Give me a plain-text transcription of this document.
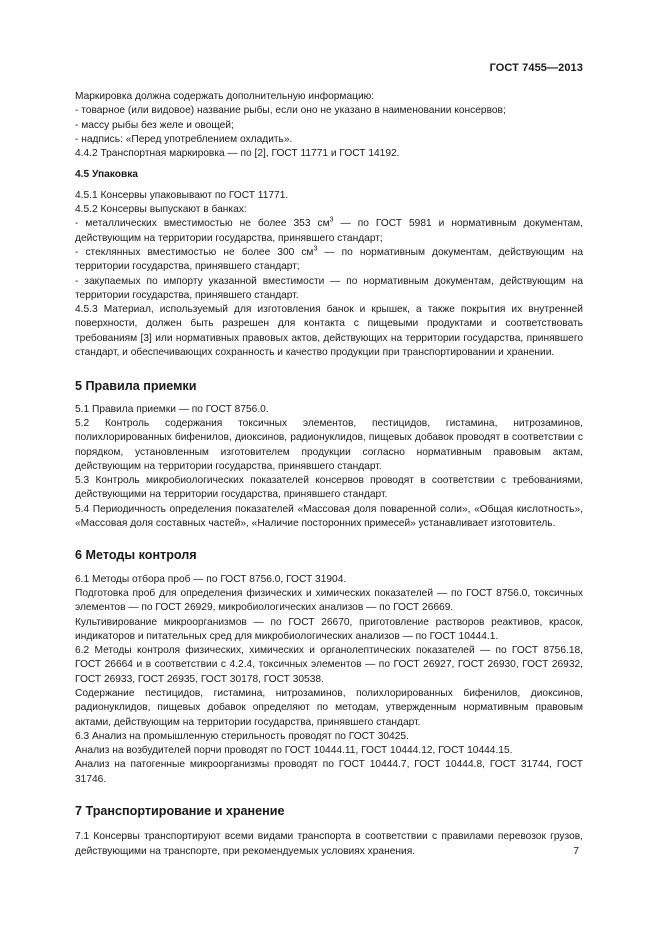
ГОСТ 7455—2013

Маркировка должна содержать дополнительную информацию:

- товарное (или видовое) название рыбы, если оно не указано в наименовании консервов;

- массу рыбы без желе и овощей;

- надпись: «Перед употреблением охладить».

4.4.2 Транспортная маркировка — по [2], ГОСТ 11771 и ГОСТ 14192.

4.5 Упаковка

4.5.1 Консервы упаковывают по ГОСТ 11771.

4.5.2 Консервы выпускают в банках:

- металлических вместимостью не более 353 $см^3$ — по ГОСТ 5981 и нормативным документам, действующим на территории государства, принявшего стандарт;

- стеклянных вместимостью не более 300 $см^3$ — по нормативным документам, действующим на территории государства, принявшего стандарт;

- закупаемых по импорту указанной вместимости — по нормативным документам, действующим на территории государства, принявшего стандарт.

4.5.3 Материал, используемый для изготовления банок и крышек, а также покрытия их внутренней поверхности, должен быть разрешен для контакта с пищевыми продуктами и соответствовать требованиям [3] или нормативных правовых актов, действующих на территории государства, принявшего стандарт, и обеспечивающих сохранность и качество продукции при транспортировании и хранении.

5 Правила приемки

5.1 Правила приемки — по ГОСТ 8756.0.

5.2 Контроль содержания токсичных элементов, пестицидов, гистамина, нитрозаминов, полихлорированных бифенилов, диоксинов, радионуклидов, пищевых добавок проводят в соответствии с порядком, установленным изготовителем продукции согласно нормативным правовым актам, действующим на территории государства, принявшего стандарт.

5.3 Контроль микробиологических показателей консервов проводят в соответствии с требованиями, действующими на территории государства, принявшего стандарт.

5.4 Периодичность определения показателей «Массовая доля поваренной соли», «Общая кислотность», «Массовая доля составных частей», «Наличие посторонних примесей» устанавливает изготовитель.

6 Методы контроля

6.1 Методы отбора проб — по ГОСТ 8756.0, ГОСТ 31904.

Подготовка проб для определения физических и химических показателей — по ГОСТ 8756.0, токсичных элементов — по ГОСТ 26929, микробиологических анализов — по ГОСТ 26669.

Культивирование микроорганизмов — по ГОСТ 26670, приготовление растворов реактивов, красок, индикаторов и питательных сред для микробиологических анализов — по ГОСТ 10444.1.

6.2 Методы контроля физических, химических и органолептических показателей — по ГОСТ 8756.18, ГОСТ 26664 и в соответствии с 4.2.4, токсичных элементов — по ГОСТ 26927, ГОСТ 26930, ГОСТ 26932, ГОСТ 26933, ГОСТ 26935, ГОСТ 30178, ГОСТ 30538.

Содержание пестицидов, гистамина, нитрозаминов, полихлорированных бифенилов, диоксинов, радионуклидов, пищевых добавок определяют по методам, утвержденным нормативным правовым актами, действующим на территории государства, принявшего стандарт.

6.3 Анализ на промышленную стерильность проводят по ГОСТ 30425.

Анализ на возбудителей порчи проводят по ГОСТ 10444.11, ГОСТ 10444.12, ГОСТ 10444.15.

Анализ на патогенные микроорганизмы проводят по ГОСТ 10444.7, ГОСТ 10444.8, ГОСТ 31744, ГОСТ 31746.

7 Транспортирование и хранение

7.1 Консервы транспортируют всеми видами транспорта в соответствии с правилами перевозок грузов, действующими на транспорте, при рекомендуемых условиях хранения.	7
